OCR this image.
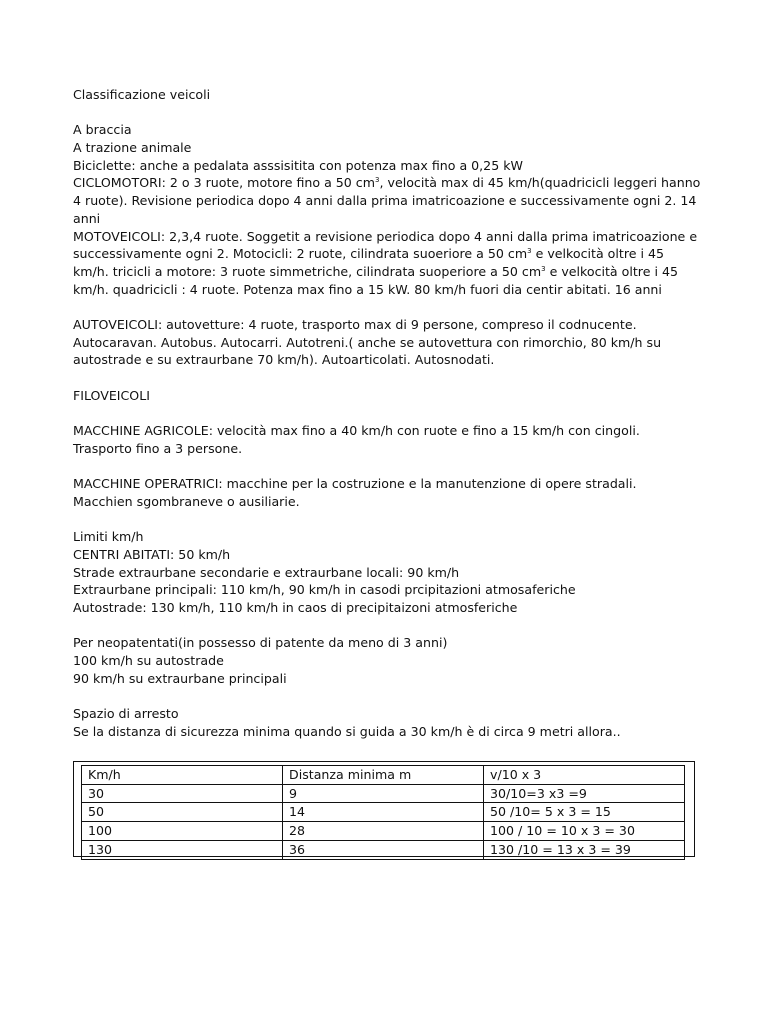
Classificazione veicoli
A braccia
A trazione animale
Biciclette: anche a pedalata asssisitita con potenza max fino a 0,25 kW
CICLOMOTORI: 2 o 3 ruote, motore fino a 50 $cm^3$, velocità max di 45 km/h(quadricicli leggeri hanno
4 ruote). Revisione periodica dopo 4 anni dalla prima imatricoazione e successivamente ogni 2. 14
anni
MOTOVEICOLI: 2,3,4 ruote. Soggetit a revisione periodica dopo 4 anni dalla prima imatricoazione e
successivamente ogni 2. Motocicli: 2 ruote, cilindrata suoeriore a 50 $cm^3$ e velkocità oltre i 45
km/h. tricicli a motore: 3 ruote simmetriche, cilindrata suoperiore a 50 $cm^3$ e velkocità oltre i 45
km/h. quadricicli : 4 ruote. Potenza max fino a 15 kW. 80 km/h fuori dia centir abitati. 16 anni
AUTOVEICOLI: autovetture: 4 ruote, trasporto max di 9 persone, compreso il codnucente.
Autocaravan. Autobus. Autocarri. Autotreni.( anche se autovettura con rimorchio, 80 km/h su
autostrade e su extraurbane 70 km/h). Autoarticolati. Autosnodati.
FILOVEICOLI
MACCHINE AGRICOLE: velocità max fino a 40 km/h con ruote e fino a 15 km/h con cingoli.
Trasporto fino a 3 persone.
MACCHINE OPERATRICI: macchine per la costruzione e la manutenzione di opere stradali.
Macchien sgombraneve o ausiliarie.
Limiti km/h
CENTRI ABITATI: 50 km/h
Strade extraurbane secondarie e extraurbane locali: 90 km/h
Extraurbane principali: 110 km/h, 90 km/h in casodi prcipitazioni atmosaferiche
Autostrade: 130 km/h, 110 km/h in caos di precipitaizoni atmosferiche
Per neopatentati(in possesso di patente da meno di 3 anni)
100 km/h su autostrade
90 km/h su extraurbane principali
Spazio di arresto
Se la distanza di sicurezza minima quando si guida a 30 km/h è di circa 9 metri allora..
Km/h	Distanza minima m	v/10 x 3
30	9	30/10=3 x3 =9
50	14	50 /10= 5 x 3 = 15
100	28	100 / 10 = 10 x 3 = 30
130	36	130 /10 = 13 x 3 = 39
